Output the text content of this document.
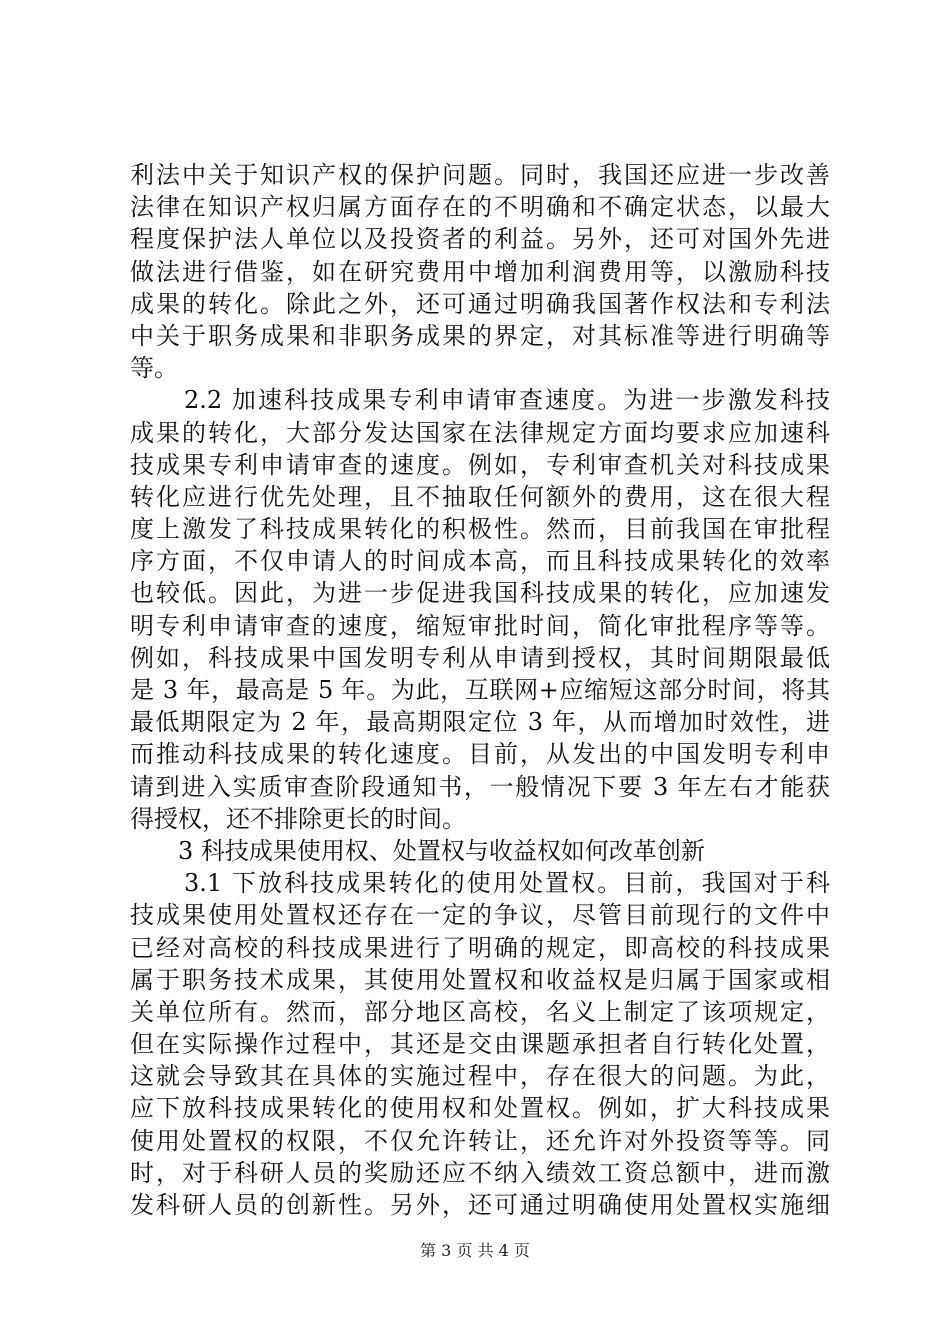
利法中关于知识产权的保护问题。同时，我国还应进一步改善
法律在知识产权归属方面存在的不明确和不确定状态，以最大
程度保护法人单位以及投资者的利益。另外，还可对国外先进
做法进行借鉴，如在研究费用中增加利润费用等，以激励科技
成果的转化。除此之外，还可通过明确我国著作权法和专利法
中关于职务成果和非职务成果的界定，对其标准等进行明确等
等。
2.2 加速科技成果专利申请审查速度。为进一步激发科技
成果的转化，大部分发达国家在法律规定方面均要求应加速科
技成果专利申请审查的速度。例如，专利审查机关对科技成果
转化应进行优先处理，且不抽取任何额外的费用，这在很大程
度上激发了科技成果转化的积极性。然而，目前我国在审批程
序方面，不仅申请人的时间成本高，而且科技成果转化的效率
也较低。因此，为进一步促进我国科技成果的转化，应加速发
明专利申请审查的速度，缩短审批时间，简化审批程序等等。
例如，科技成果中国发明专利从申请到授权，其时间期限最低
是 3 年，最高是 5 年。为此，互联网+应缩短这部分时间，将其
最低期限定为 2 年，最高期限定位 3 年，从而增加时效性，进
而推动科技成果的转化速度。目前，从发出的中国发明专利申
请到进入实质审查阶段通知书，一般情况下要 3 年左右才能获
得授权，还不排除更长的时间。
3 科技成果使用权、处置权与收益权如何改革创新
3.1 下放科技成果转化的使用处置权。目前，我国对于科
技成果使用处置权还存在一定的争议，尽管目前现行的文件中
已经对高校的科技成果进行了明确的规定，即高校的科技成果
属于职务技术成果，其使用处置权和收益权是归属于国家或相
关单位所有。然而，部分地区高校，名义上制定了该项规定，
但在实际操作过程中，其还是交由课题承担者自行转化处置，
这就会导致其在具体的实施过程中，存在很大的问题。为此，
应下放科技成果转化的使用权和处置权。例如，扩大科技成果
使用处置权的权限，不仅允许转让，还允许对外投资等等。同
时，对于科研人员的奖励还应不纳入绩效工资总额中，进而激
发科研人员的创新性。另外，还可通过明确使用处置权实施细
第 3 页 共 4 页
